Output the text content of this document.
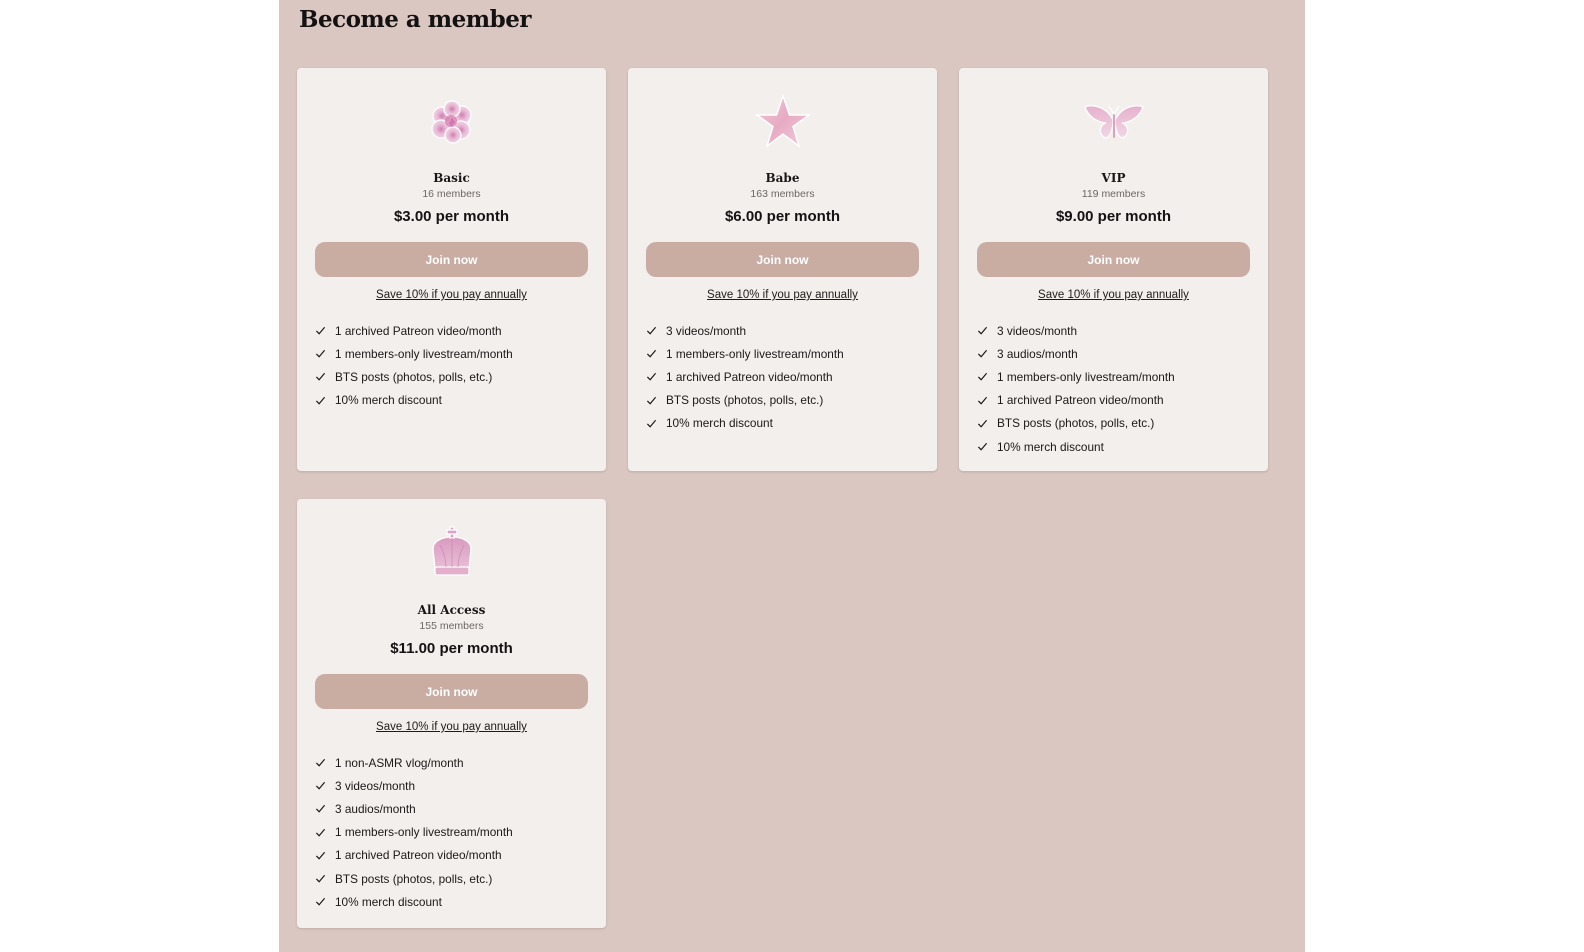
Become a member
Basic
16 members
$3.00 per month
Join now
Save 10% if you pay annually
1 archived Patreon video/month
1 members-only livestream/month
BTS posts (photos, polls, etc.)
10% merch discount
Babe
163 members
$6.00 per month
Join now
Save 10% if you pay annually
3 videos/month
1 members-only livestream/month
1 archived Patreon video/month
BTS posts (photos, polls, etc.)
10% merch discount
VIP
119 members
$9.00 per month
Join now
Save 10% if you pay annually
3 videos/month
3 audios/month
1 members-only livestream/month
1 archived Patreon video/month
BTS posts (photos, polls, etc.)
10% merch discount
All Access
155 members
$11.00 per month
Join now
Save 10% if you pay annually
1 non-ASMR vlog/month
3 videos/month
3 audios/month
1 members-only livestream/month
1 archived Patreon video/month
BTS posts (photos, polls, etc.)
10% merch discount
